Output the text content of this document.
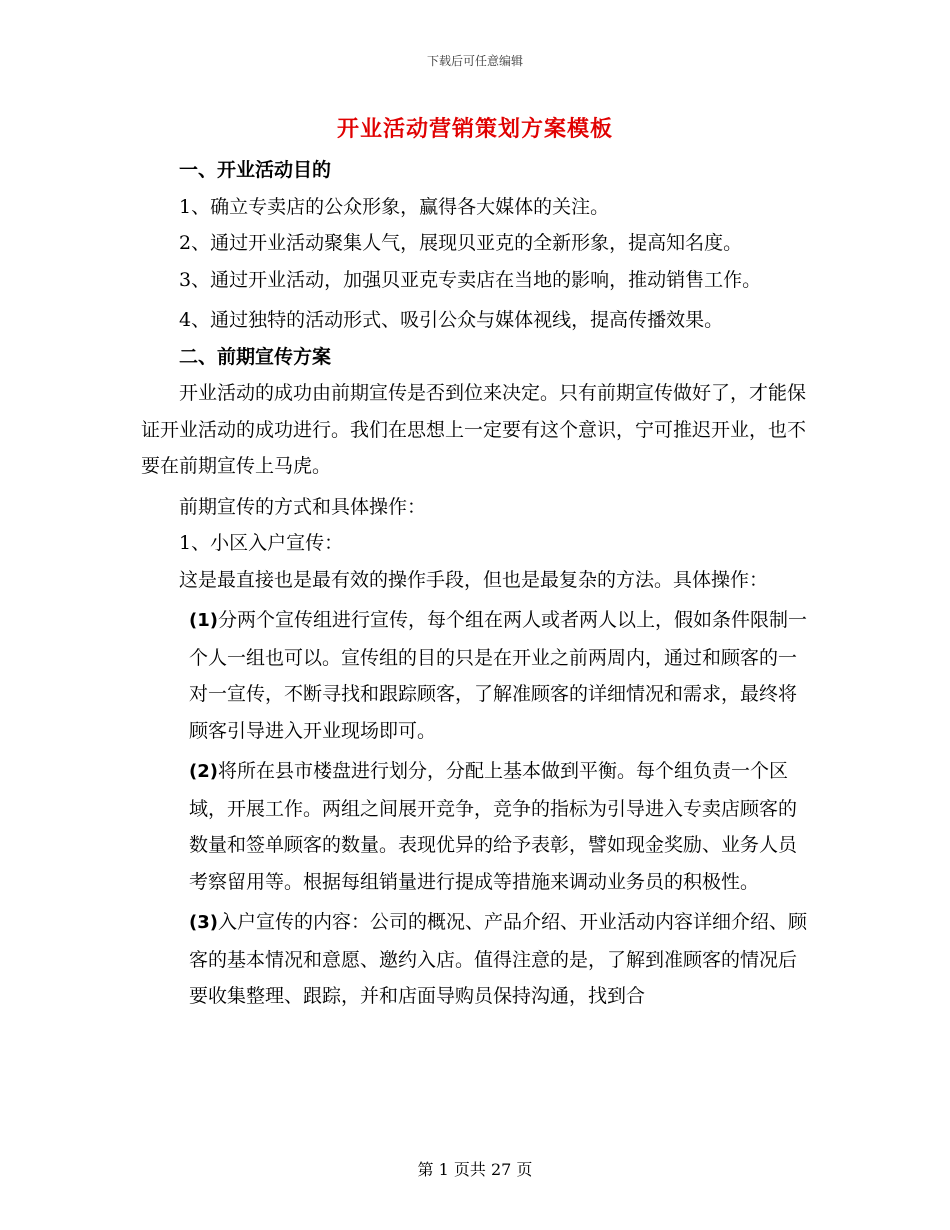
下载后可任意编辑
开业活动营销策划方案模板

一、开业活动目的

1、确立专卖店的公众形象，赢得各大媒体的关注。

2、通过开业活动聚集人气，展现贝亚克的全新形象，提高知名度。

3、通过开业活动，加强贝亚克专卖店在当地的影响，推动销售工作。

4、通过独特的活动形式、吸引公众与媒体视线，提高传播效果。

二、前期宣传方案

开业活动的成功由前期宣传是否到位来决定。只有前期宣传做好了，才能保证开业活动的成功进行。我们在思想上一定要有这个意识，宁可推迟开业，也不要在前期宣传上马虎。

前期宣传的方式和具体操作：

1、小区入户宣传：

这是最直接也是最有效的操作手段，但也是最复杂的方法。具体操作：

(1)分两个宣传组进行宣传，每个组在两人或者两人以上，假如条件限制一个人一组也可以。宣传组的目的只是在开业之前两周内，通过和顾客的一对一宣传，不断寻找和跟踪顾客，了解准顾客的详细情况和需求，最终将顾客引导进入开业现场即可。

(2)将所在县市楼盘进行划分，分配上基本做到平衡。每个组负责一个区域，开展工作。两组之间展开竞争，竞争的指标为引导进入专卖店顾客的数量和签单顾客的数量。表现优异的给予表彰，譬如现金奖励、业务人员考察留用等。根据每组销量进行提成等措施来调动业务员的积极性。

(3)入户宣传的内容：公司的概况、产品介绍、开业活动内容详细介绍、顾客的基本情况和意愿、邀约入店。值得注意的是，了解到准顾客的情况后要收集整理、跟踪，并和店面导购员保持沟通，找到合

第 1 页共 27 页
